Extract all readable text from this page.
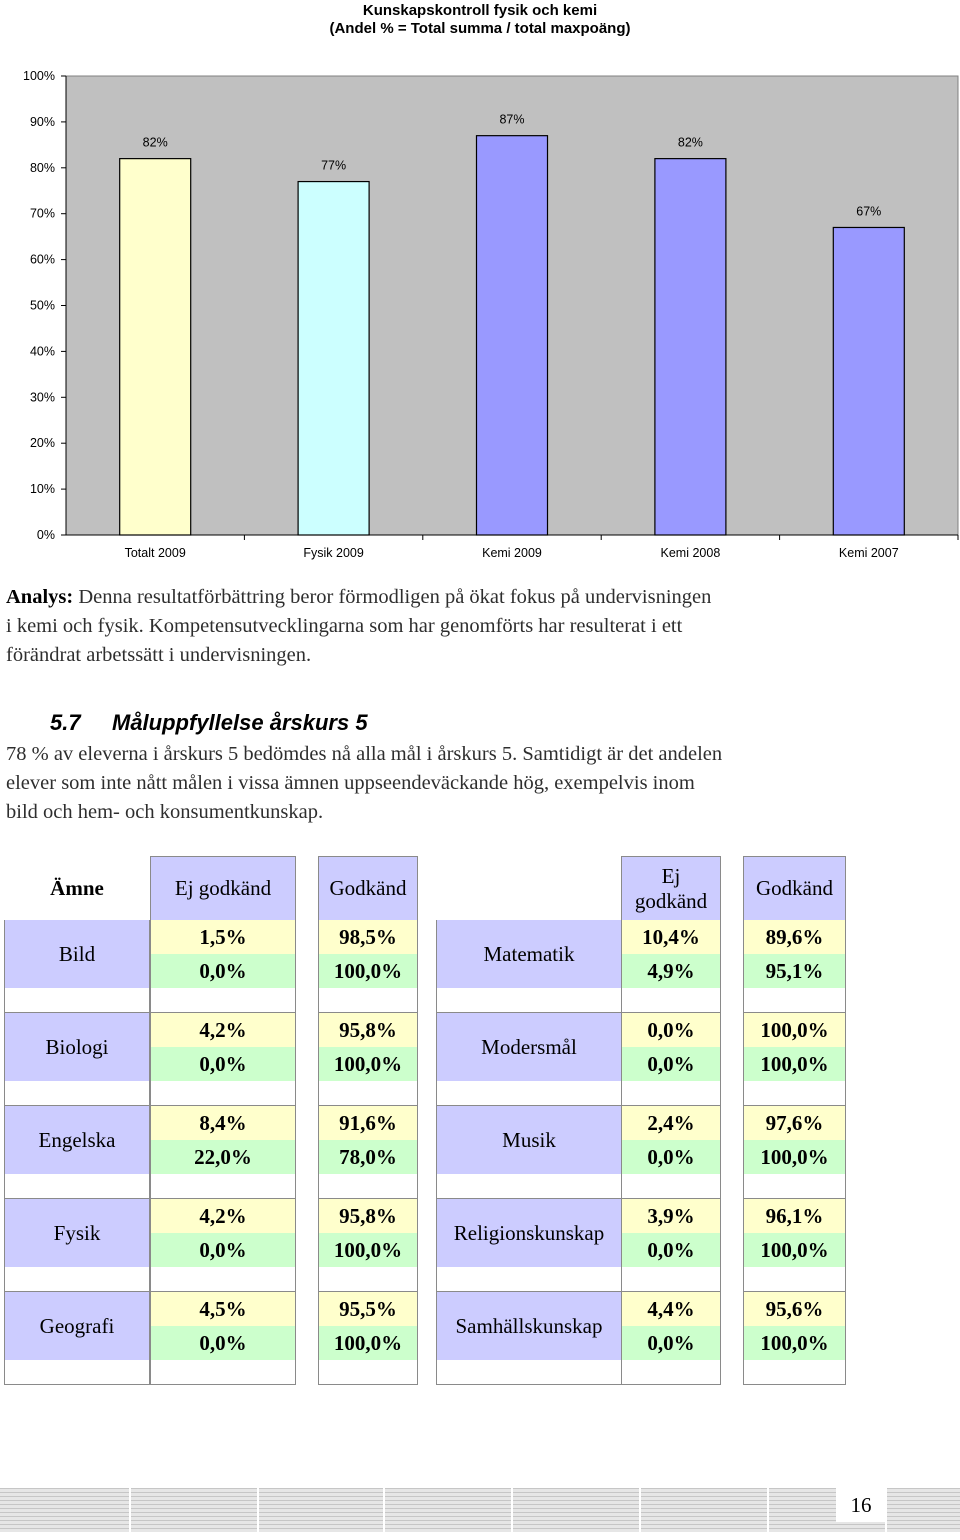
Kunskapskontroll fysik och kemi
(Andel % = Total summa / total maxpoäng)
0%
10%
20%
30%
40%
50%
60%
70%
80%
90%
100%
82%
Totalt 2009
77%
Fysik 2009
87%
Kemi 2009
82%
Kemi 2008
67%
Kemi 2007
Analys: Denna resultatförbättring beror förmodligen på ökat fokus på undervisningen
i kemi och fysik. Kompetensutvecklingarna som har genomförts har resulterat i ett
förändrat arbetssätt i undervisningen.
5.7 Måluppfyllelse årskurs 5
78 % av eleverna i årskurs 5 bedömdes nå alla mål i årskurs 5. Samtidigt är det andelen
elever som inte nått målen i vissa ämnen uppseendeväckande hög, exempelvis inom
bild och hem- och konsumentkunskap.
Ämne	Ej godkänd		Godkänd			Ej
godkänd		Godkänd
Bild	1,5%		98,5%		Matematik	10,4%		89,6%
	0,0%		100,0%			4,9%		95,1%

Biologi	4,2%		95,8%		Modersmål	0,0%		100,0%
	0,0%		100,0%			0,0%		100,0%

Engelska	8,4%		91,6%		Musik	2,4%		97,6%
	22,0%		78,0%			0,0%		100,0%

Fysik	4,2%		95,8%		Religionskunskap	3,9%		96,1%
	0,0%		100,0%			0,0%		100,0%

Geografi	4,5%		95,5%		Samhällskunskap	4,4%		95,6%
	0,0%		100,0%			0,0%		100,0%

16
